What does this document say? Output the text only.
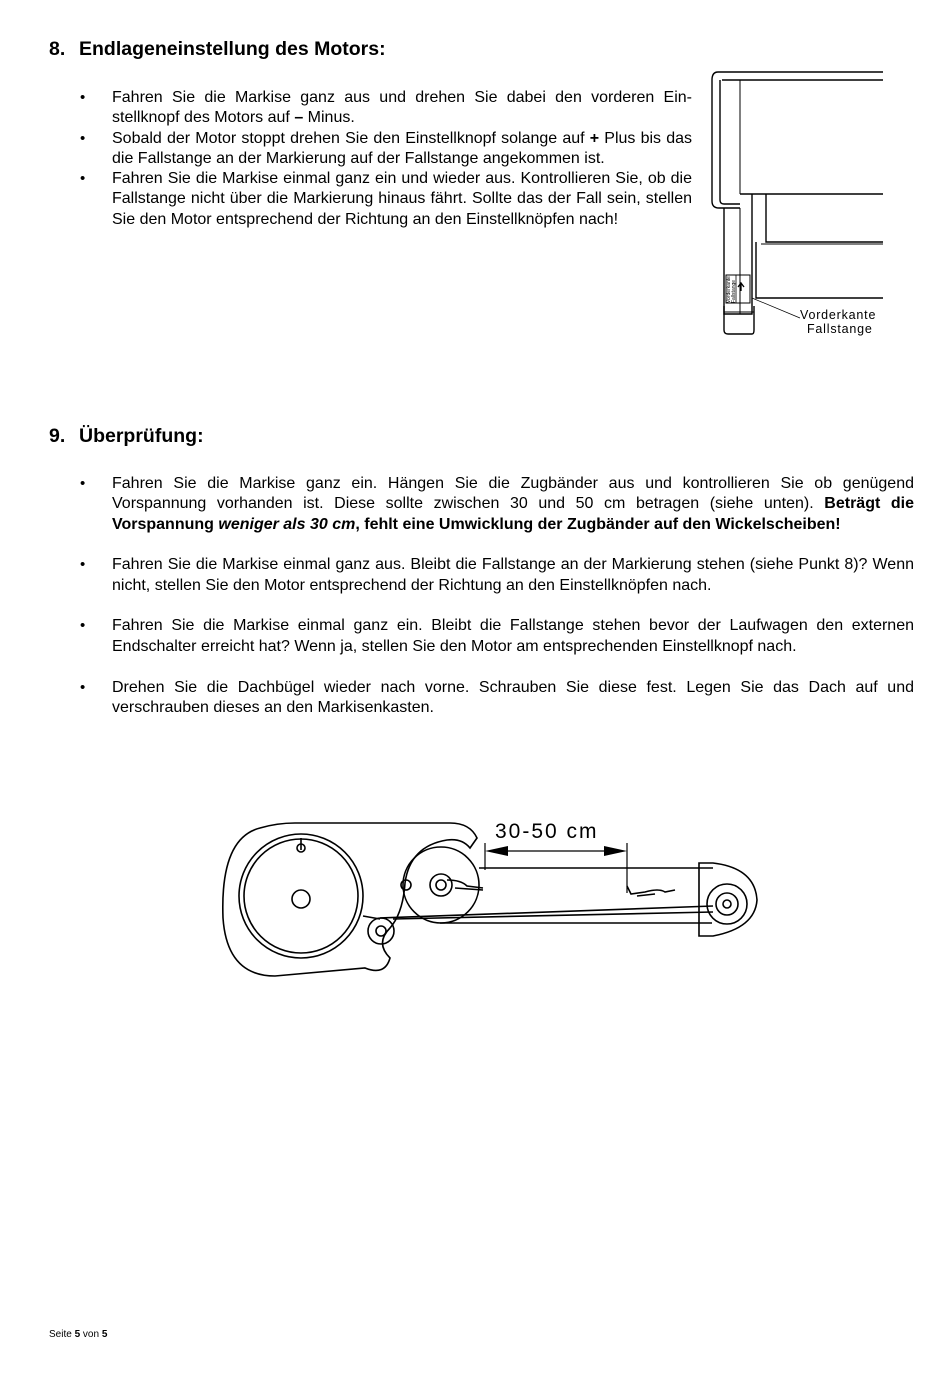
8. Endlageneinstellung des Motors:
• Fahren Sie die Markise ganz aus und drehen Sie dabei den vorderen Ein-stellknopf des Motors auf – Minus.
• Sobald der Motor stoppt drehen Sie den Einstellknopf solange auf + Plus bis das die Fallstange an der Markierung auf der Fallstange angekommen ist.
• Fahren Sie die Markise einmal ganz ein und wieder aus. Kontrollieren Sie, ob die Fallstange nicht über die Markierung hinaus fährt. Sollte das der Fall sein, stellen Sie den Motor entsprechend der Richtung an den Einstellknöpfen nach!
Vorderkante Fallstange
Vorderkante
Fallstange
9. Überprüfung:
• Fahren Sie die Markise ganz ein. Hängen Sie die Zugbänder aus und kontrollieren Sie ob genügend Vorspannung vorhanden ist. Diese sollte zwischen 30 und 50 cm betragen (siehe unten). Beträgt die Vorspannung weniger als 30 cm, fehlt eine Umwicklung der Zugbänder auf den Wickelscheiben!
• Fahren Sie die Markise einmal ganz aus. Bleibt die Fallstange an der Markierung stehen (siehe Punkt 8)? Wenn nicht, stellen Sie den Motor entsprechend der Richtung an den Einstellknöpfen nach.
• Fahren Sie die Markise einmal ganz ein. Bleibt die Fallstange stehen bevor der Laufwagen den externen Endschalter erreicht hat? Wenn ja, stellen Sie den Motor am entsprechenden Einstellknopf nach.
• Drehen Sie die Dachbügel wieder nach vorne. Schrauben Sie diese fest. Legen Sie das Dach auf und verschrauben dieses an den Markisenkasten.
30-50 cm
Seite 5 von 5
